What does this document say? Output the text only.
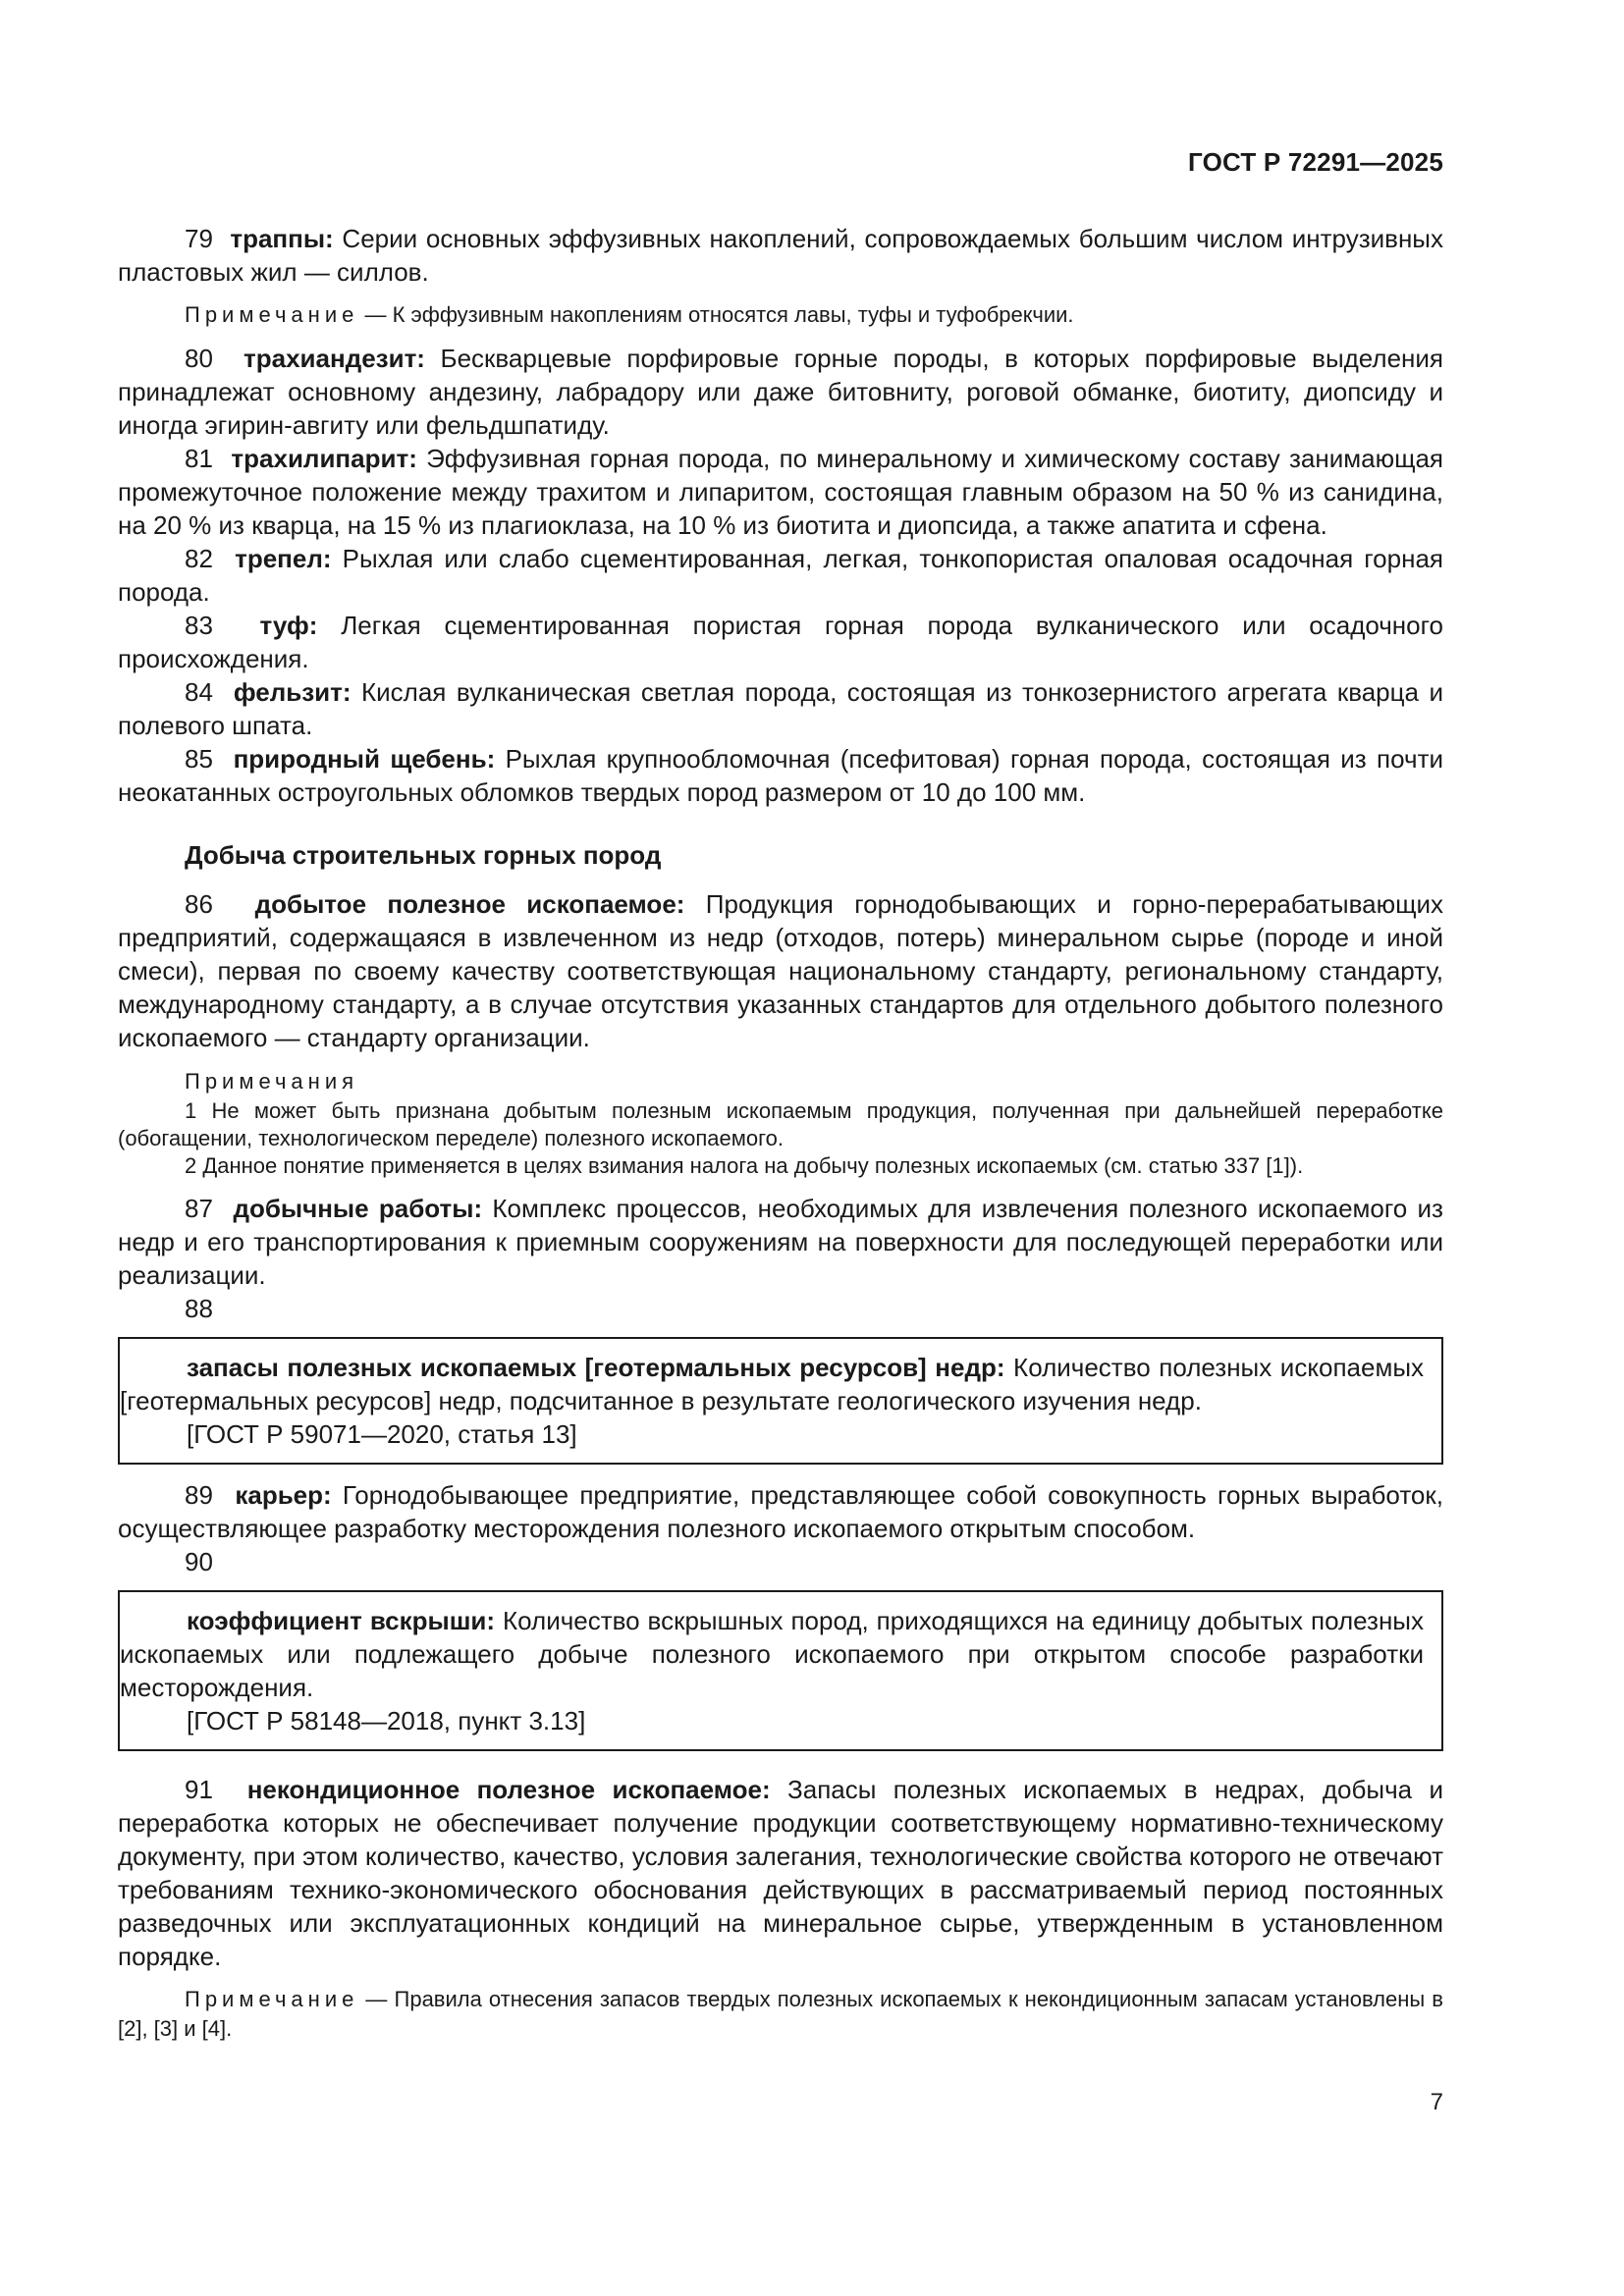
ГОСТ Р 72291—2025

79 траппы: Серии основных эффузивных накоплений, сопровождаемых большим числом интрузивных пластовых жил — силлов.

Примечание — К эффузивным накоплениям относятся лавы, туфы и туфобрекчии.

80 трахиандезит: Бескварцевые порфировые горные породы, в которых порфировые выделения принадлежат основному андезину, лабрадору или даже битовниту, роговой обманке, биотиту, диопсиду и иногда эгирин-авгиту или фельдшпатиду.

81 трахилипарит: Эффузивная горная порода, по минеральному и химическому составу занимающая промежуточное положение между трахитом и липаритом, состоящая главным образом на 50 % из санидина, на 20 % из кварца, на 15 % из плагиоклаза, на 10 % из биотита и диопсида, а также апатита и сфена.

82 трепел: Рыхлая или слабо сцементированная, легкая, тонкопористая опаловая осадочная горная порода.

83 туф: Легкая сцементированная пористая горная порода вулканического или осадочного происхождения.

84 фельзит: Кислая вулканическая светлая порода, состоящая из тонкозернистого агрегата кварца и полевого шпата.

85 природный щебень: Рыхлая крупнообломочная (псефитовая) горная порода, состоящая из почти неокатанных остроугольных обломков твердых пород размером от 10 до 100 мм.

Добыча строительных горных пород

86 добытое полезное ископаемое: Продукция горнодобывающих и горно-перерабатывающих предприятий, содержащаяся в извлеченном из недр (отходов, потерь) минеральном сырье (породе и иной смеси), первая по своему качеству соответствующая национальному стандарту, региональному стандарту, международному стандарту, а в случае отсутствия указанных стандартов для отдельного добытого полезного ископаемого — стандарту организации.

Примечания
1 Не может быть признана добытым полезным ископаемым продукция, полученная при дальнейшей переработке (обогащении, технологическом переделе) полезного ископаемого.
2 Данное понятие применяется в целях взимания налога на добычу полезных ископаемых (см. статью 337 [1]).

87 добычные работы: Комплекс процессов, необходимых для извлечения полезного ископаемого из недр и его транспортирования к приемным сооружениям на поверхности для последующей переработки или реализации.

88

запасы полезных ископаемых [геотермальных ресурсов] недр: Количество полезных ископаемых [геотермальных ресурсов] недр, подсчитанное в результате геологического изучения недр.

[ГОСТ Р 59071—2020, статья 13]

89 карьер: Горнодобывающее предприятие, представляющее собой совокупность горных выработок, осуществляющее разработку месторождения полезного ископаемого открытым способом.

90

коэффициент вскрыши: Количество вскрышных пород, приходящихся на единицу добытых полезных ископаемых или подлежащего добыче полезного ископаемого при открытом способе разработки месторождения.

[ГОСТ Р 58148—2018, пункт 3.13]

91 некондиционное полезное ископаемое: Запасы полезных ископаемых в недрах, добыча и переработка которых не обеспечивает получение продукции соответствующему нормативно-техническому документу, при этом количество, качество, условия залегания, технологические свойства которого не отвечают требованиям технико-экономического обоснования действующих в рассматриваемый период постоянных разведочных или эксплуатационных кондиций на минеральное сырье, утвержденным в установленном порядке.

Примечание — Правила отнесения запасов твердых полезных ископаемых к некондиционным запасам установлены в [2], [3] и [4].

7
